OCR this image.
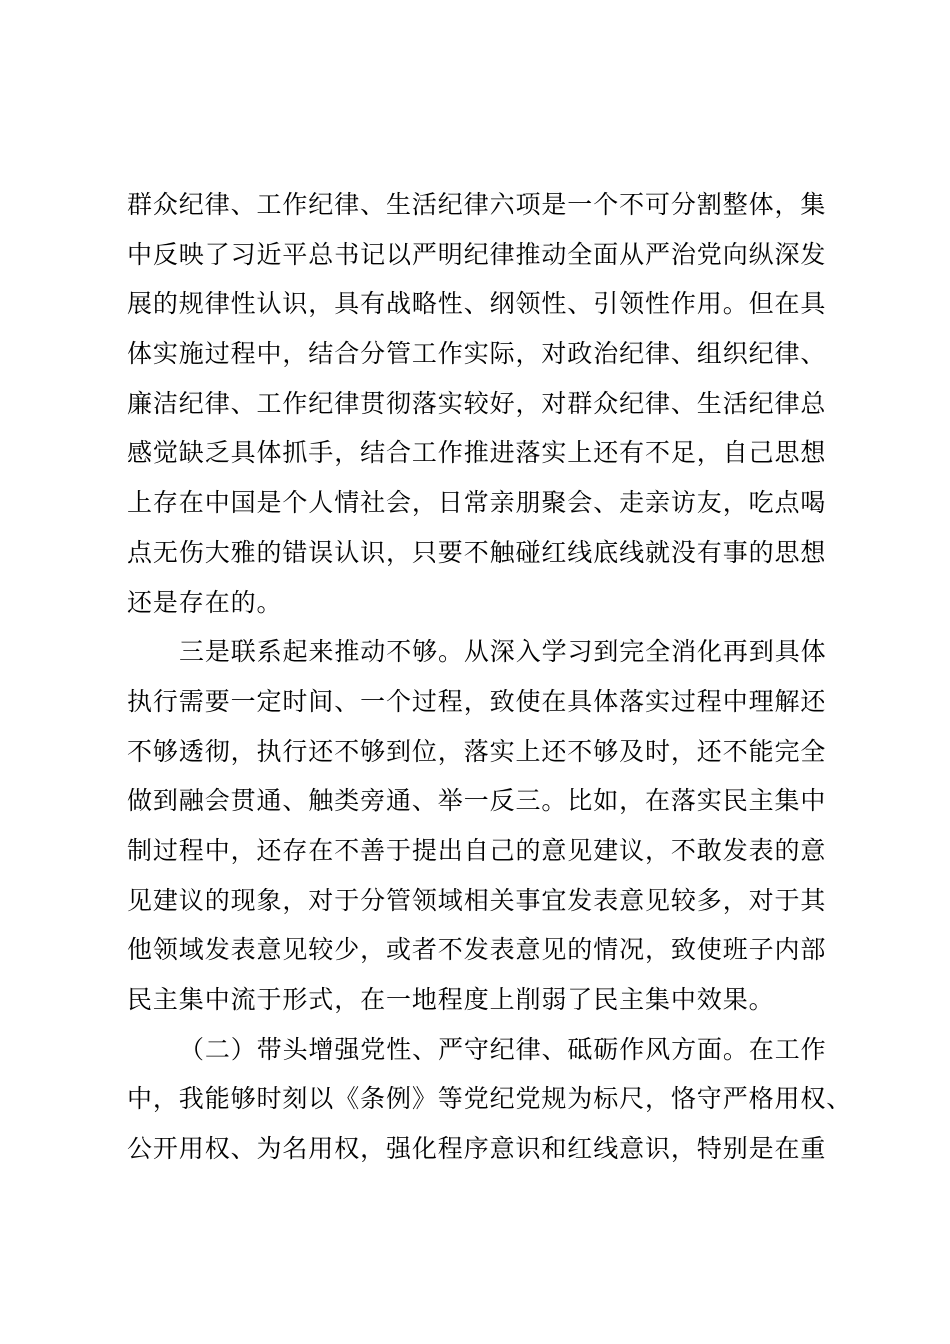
群众纪律、工作纪律、生活纪律六项是一个不可分割整体，集
中反映了习近平总书记以严明纪律推动全面从严治党向纵深发
展的规律性认识，具有战略性、纲领性、引领性作用。但在具
体实施过程中，结合分管工作实际，对政治纪律、组织纪律、
廉洁纪律、工作纪律贯彻落实较好，对群众纪律、生活纪律总
感觉缺乏具体抓手，结合工作推进落实上还有不足，自己思想
上存在中国是个人情社会，日常亲朋聚会、走亲访友，吃点喝
点无伤大雅的错误认识，只要不触碰红线底线就没有事的思想
还是存在的。
三是联系起来推动不够。从深入学习到完全消化再到具体
执行需要一定时间、一个过程，致使在具体落实过程中理解还
不够透彻，执行还不够到位，落实上还不够及时，还不能完全
做到融会贯通、触类旁通、举一反三。比如，在落实民主集中
制过程中，还存在不善于提出自己的意见建议，不敢发表的意
见建议的现象，对于分管领域相关事宜发表意见较多，对于其
他领域发表意见较少，或者不发表意见的情况，致使班子内部
民主集中流于形式，在一地程度上削弱了民主集中效果。
（二）带头增强党性、严守纪律、砥砺作风方面。在工作
中，我能够时刻以《条例》等党纪党规为标尺，恪守严格用权、
公开用权、为名用权，强化程序意识和红线意识，特别是在重
